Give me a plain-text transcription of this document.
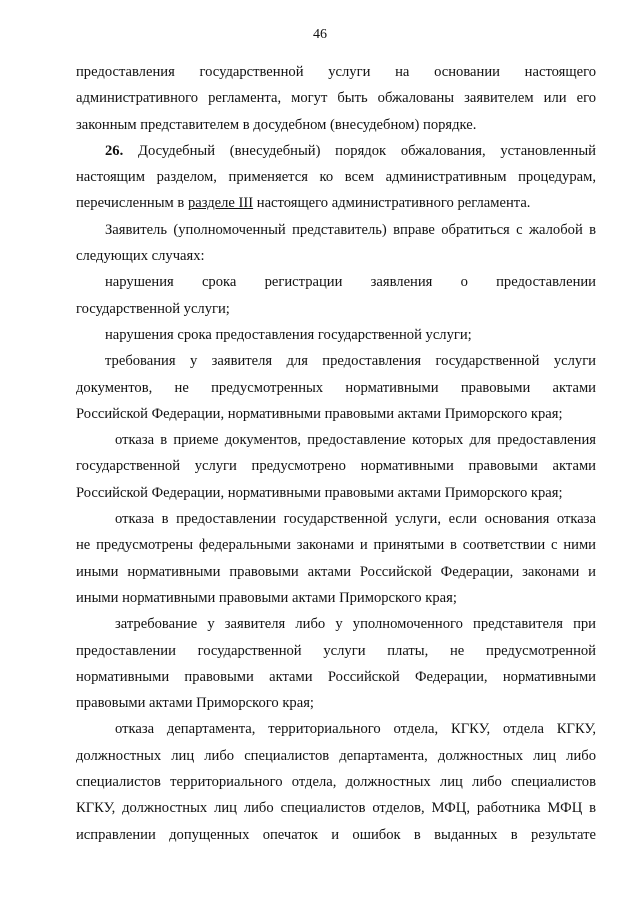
46
предоставления государственной услуги на основании настоящего
административного регламента, могут быть обжалованы заявителем или его
законным представителем в досудебном (внесудебном) порядке.
26. Досудебный (внесудебный) порядок обжалования, установленный
настоящим разделом, применяется ко всем административным процедурам,
перечисленным в разделе III настоящего административного регламента.
Заявитель (уполномоченный представитель) вправе обратиться с жалобой в
следующих случаях:
нарушения срока регистрации заявления о предоставлении
государственной услуги;
нарушения срока предоставления государственной услуги;
требования у заявителя для предоставления государственной услуги
документов, не предусмотренных нормативными правовыми актами
Российской Федерации, нормативными правовыми актами Приморского края;
отказа в приеме документов, предоставление которых для предоставления
государственной услуги предусмотрено нормативными правовыми актами
Российской Федерации, нормативными правовыми актами Приморского края;
отказа в предоставлении государственной услуги, если основания отказа
не предусмотрены федеральными законами и принятыми в соответствии с ними
иными нормативными правовыми актами Российской Федерации, законами и
иными нормативными правовыми актами Приморского края;
затребование у заявителя либо у уполномоченного представителя при
предоставлении государственной услуги платы, не предусмотренной
нормативными правовыми актами Российской Федерации, нормативными
правовыми актами Приморского края;
отказа департамента, территориального отдела, КГКУ, отдела КГКУ,
должностных лиц либо специалистов департамента, должностных лиц либо
специалистов территориального отдела, должностных лиц либо специалистов
КГКУ, должностных лиц либо специалистов отделов, МФЦ, работника МФЦ в
исправлении допущенных опечаток и ошибок в выданных в результате
